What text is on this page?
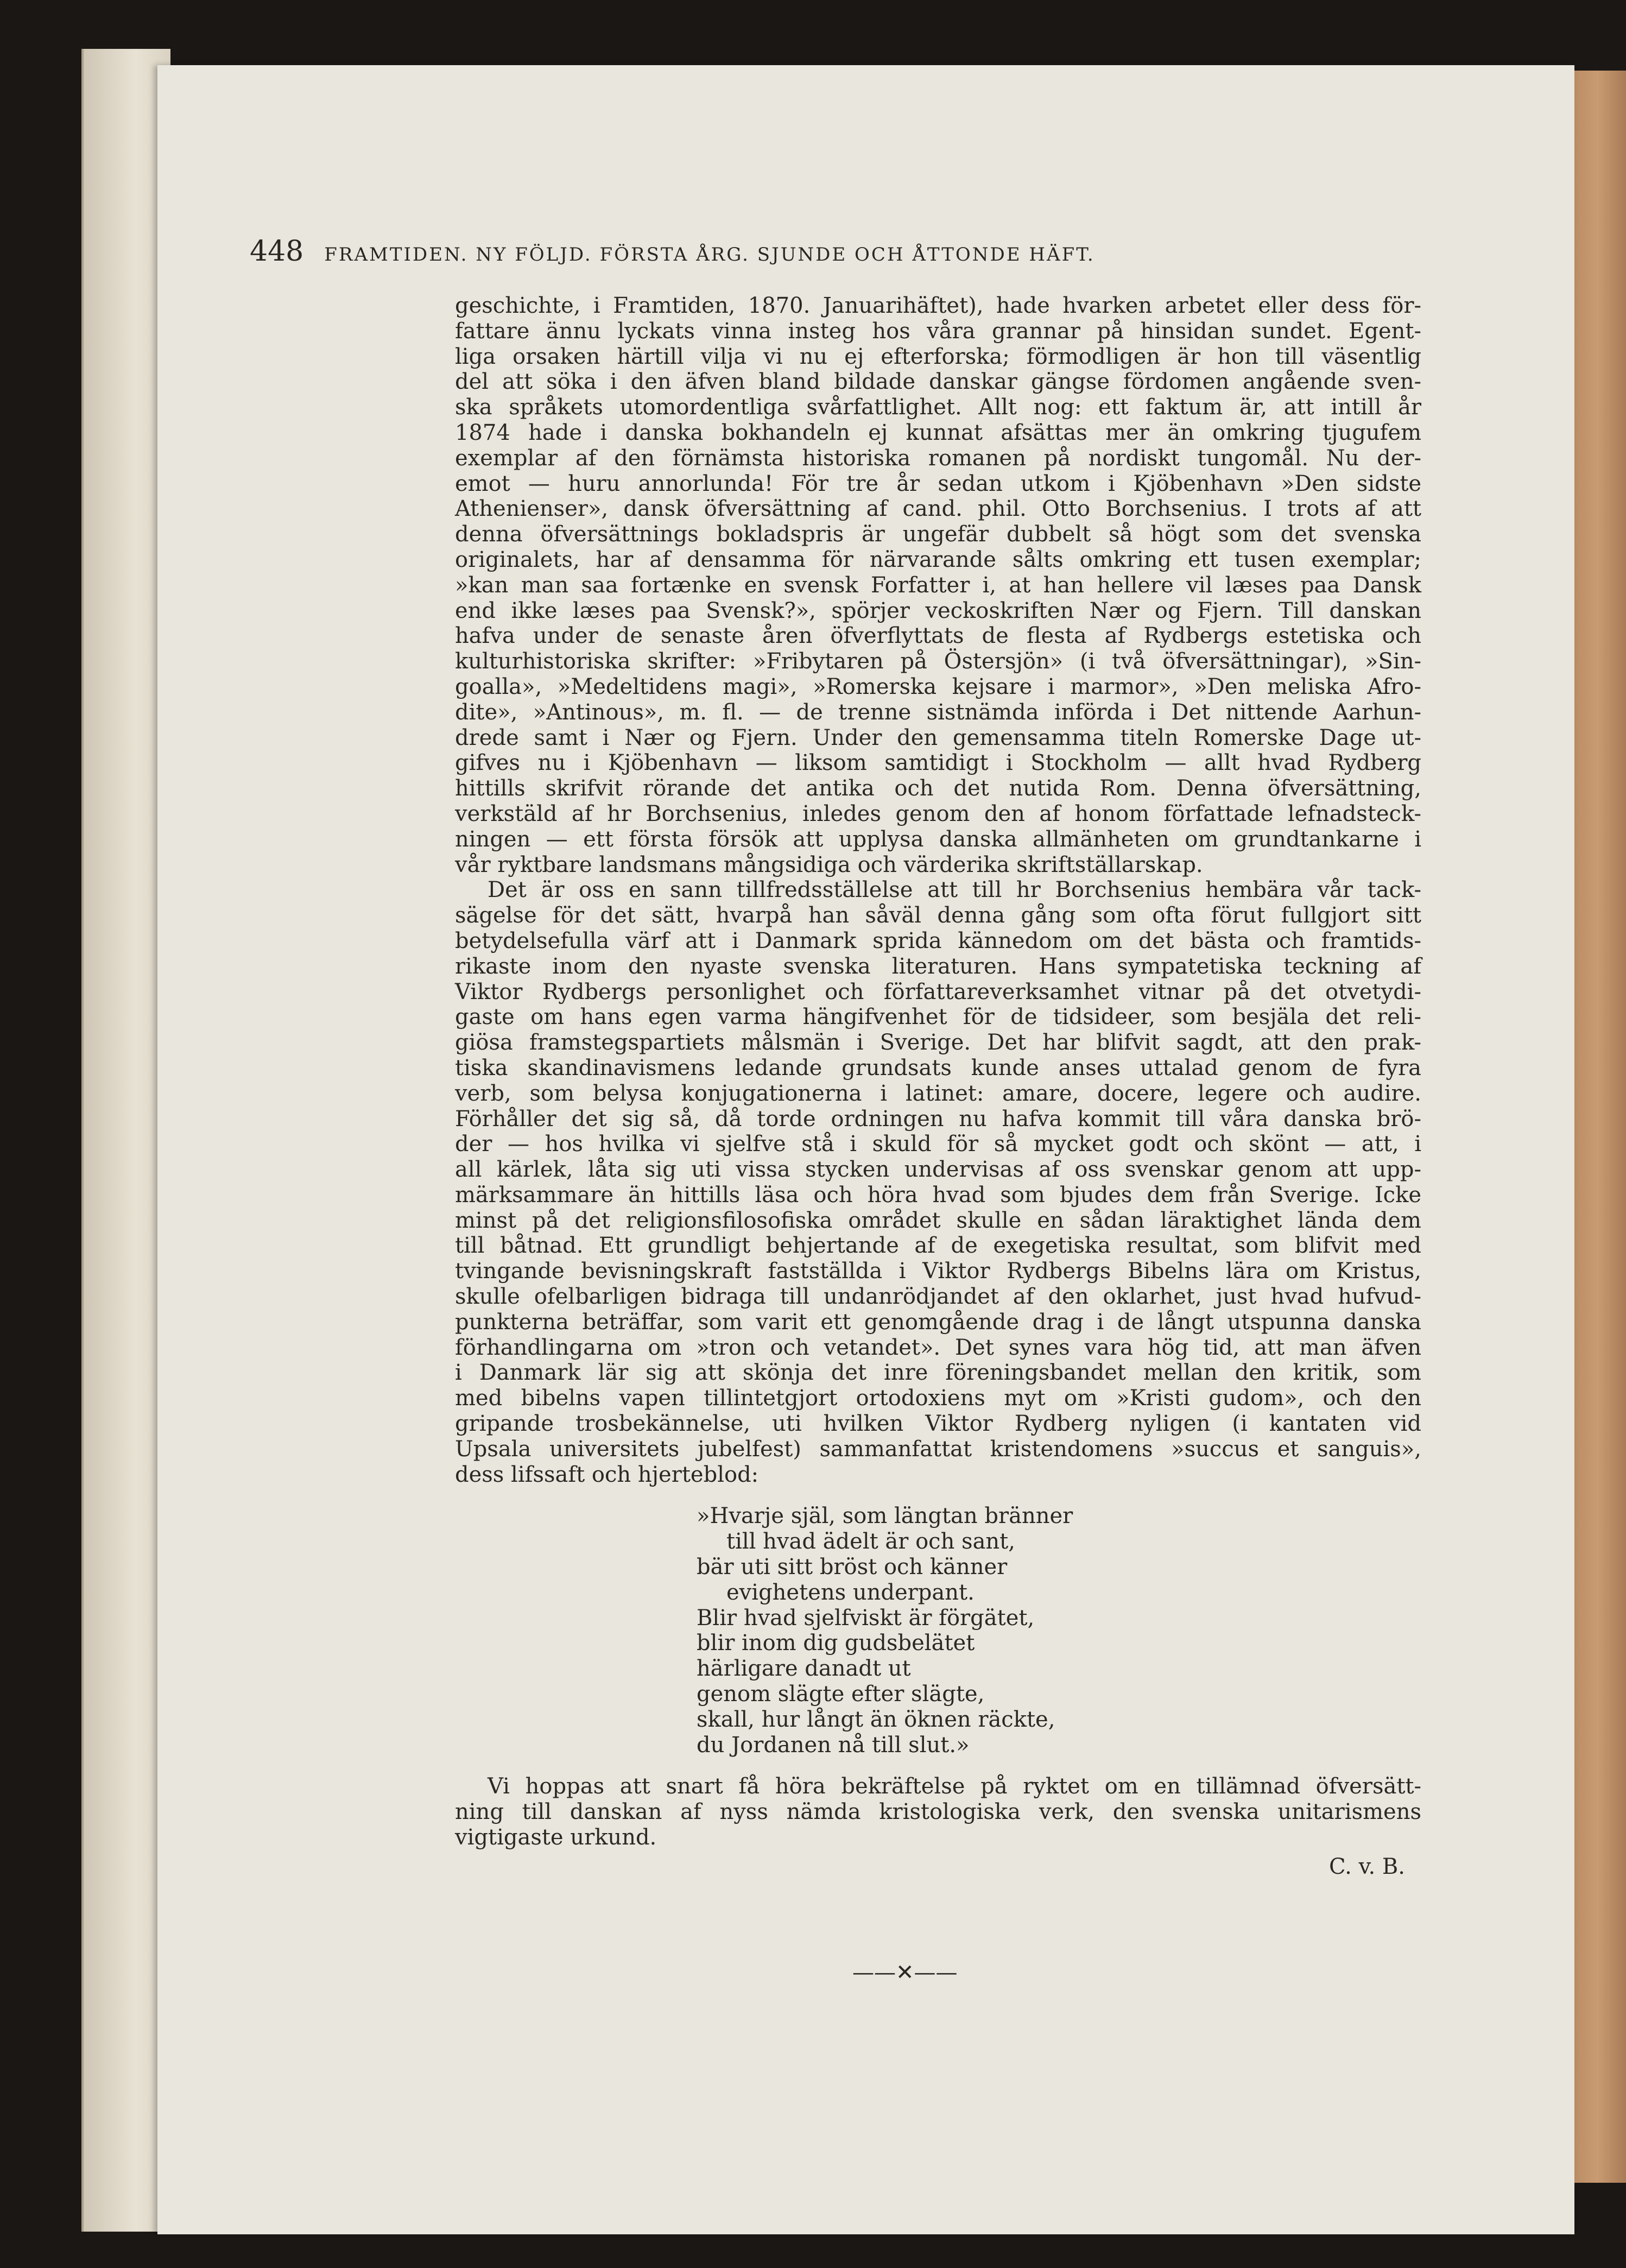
448 FRAMTIDEN. NY FÖLJD. FÖRSTA ÅRG. SJUNDE OCH ÅTTONDE HÄFT.
geschichte, i Framtiden, 1870. Januarihäftet), hade hvarken arbetet eller dess för-
fattare ännu lyckats vinna insteg hos våra grannar på hinsidan sundet. Egent-
liga orsaken härtill vilja vi nu ej efterforska; förmodligen är hon till väsentlig
del att söka i den äfven bland bildade danskar gängse fördomen angående sven-
ska språkets utomordentliga svårfattlighet. Allt nog: ett faktum är, att intill år
1874 hade i danska bokhandeln ej kunnat afsättas mer än omkring tjugufem
exemplar af den förnämsta historiska romanen på nordiskt tungomål. Nu der-
emot — huru annorlunda! För tre år sedan utkom i Kjöbenhavn »Den sidste
Athenienser», dansk öfversättning af cand. phil. Otto Borchsenius. I trots af att
denna öfversättnings bokladspris är ungefär dubbelt så högt som det svenska
originalets, har af densamma för närvarande sålts omkring ett tusen exemplar;
»kan man saa fortænke en svensk Forfatter i, at han hellere vil læses paa Dansk
end ikke læses paa Svensk?», spörjer veckoskriften Nær og Fjern. Till danskan
hafva under de senaste åren öfverflyttats de flesta af Rydbergs estetiska och
kulturhistoriska skrifter: »Fribytaren på Östersjön» (i två öfversättningar), »Sin-
goalla», »Medeltidens magi», »Romerska kejsare i marmor», »Den meliska Afro-
dite», »Antinous», m. fl. — de trenne sistnämda införda i Det nittende Aarhun-
drede samt i Nær og Fjern. Under den gemensamma titeln Romerske Dage ut-
gifves nu i Kjöbenhavn — liksom samtidigt i Stockholm — allt hvad Rydberg
hittills skrifvit rörande det antika och det nutida Rom. Denna öfversättning,
verkstäld af hr Borchsenius, inledes genom den af honom författade lefnadsteck-
ningen — ett första försök att upplysa danska allmänheten om grundtankarne i
vår ryktbare landsmans mångsidiga och värderika skriftställarskap.
Det är oss en sann tillfredsställelse att till hr Borchsenius hembära vår tack-
sägelse för det sätt, hvarpå han såväl denna gång som ofta förut fullgjort sitt
betydelsefulla värf att i Danmark sprida kännedom om det bästa och framtids-
rikaste inom den nyaste svenska literaturen. Hans sympatetiska teckning af
Viktor Rydbergs personlighet och författareverksamhet vitnar på det otvetydi-
gaste om hans egen varma hängifvenhet för de tidsideer, som besjäla det reli-
giösa framstegspartiets målsmän i Sverige. Det har blifvit sagdt, att den prak-
tiska skandinavismens ledande grundsats kunde anses uttalad genom de fyra
verb, som belysa konjugationerna i latinet: amare, docere, legere och audire.
Förhåller det sig så, då torde ordningen nu hafva kommit till våra danska brö-
der — hos hvilka vi sjelfve stå i skuld för så mycket godt och skönt — att, i
all kärlek, låta sig uti vissa stycken undervisas af oss svenskar genom att upp-
märksammare än hittills läsa och höra hvad som bjudes dem från Sverige. Icke
minst på det religionsfilosofiska området skulle en sådan läraktighet lända dem
till båtnad. Ett grundligt behjertande af de exegetiska resultat, som blifvit med
tvingande bevisningskraft fastställda i Viktor Rydbergs Bibelns lära om Kristus,
skulle ofelbarligen bidraga till undanrödjandet af den oklarhet, just hvad hufvud-
punkterna beträffar, som varit ett genomgående drag i de långt utspunna danska
förhandlingarna om »tron och vetandet». Det synes vara hög tid, att man äfven
i Danmark lär sig att skönja det inre föreningsbandet mellan den kritik, som
med bibelns vapen tillintetgjort ortodoxiens myt om »Kristi gudom», och den
gripande trosbekännelse, uti hvilken Viktor Rydberg nyligen (i kantaten vid
Upsala universitets jubelfest) sammanfattat kristendomens »succus et sanguis»,
dess lifssaft och hjerteblod:
»Hvarje själ, som längtan bränner
till hvad ädelt är och sant,
bär uti sitt bröst och känner
evighetens underpant.
Blir hvad sjelfviskt är förgätet,
blir inom dig gudsbelätet
härligare danadt ut
genom slägte efter slägte,
skall, hur långt än öknen räckte,
du Jordanen nå till slut.»
Vi hoppas att snart få höra bekräftelse på ryktet om en tillämnad öfversätt-
ning till danskan af nyss nämda kristologiska verk, den svenska unitarismens
vigtigaste urkund.
C. v. B.
——✕——
